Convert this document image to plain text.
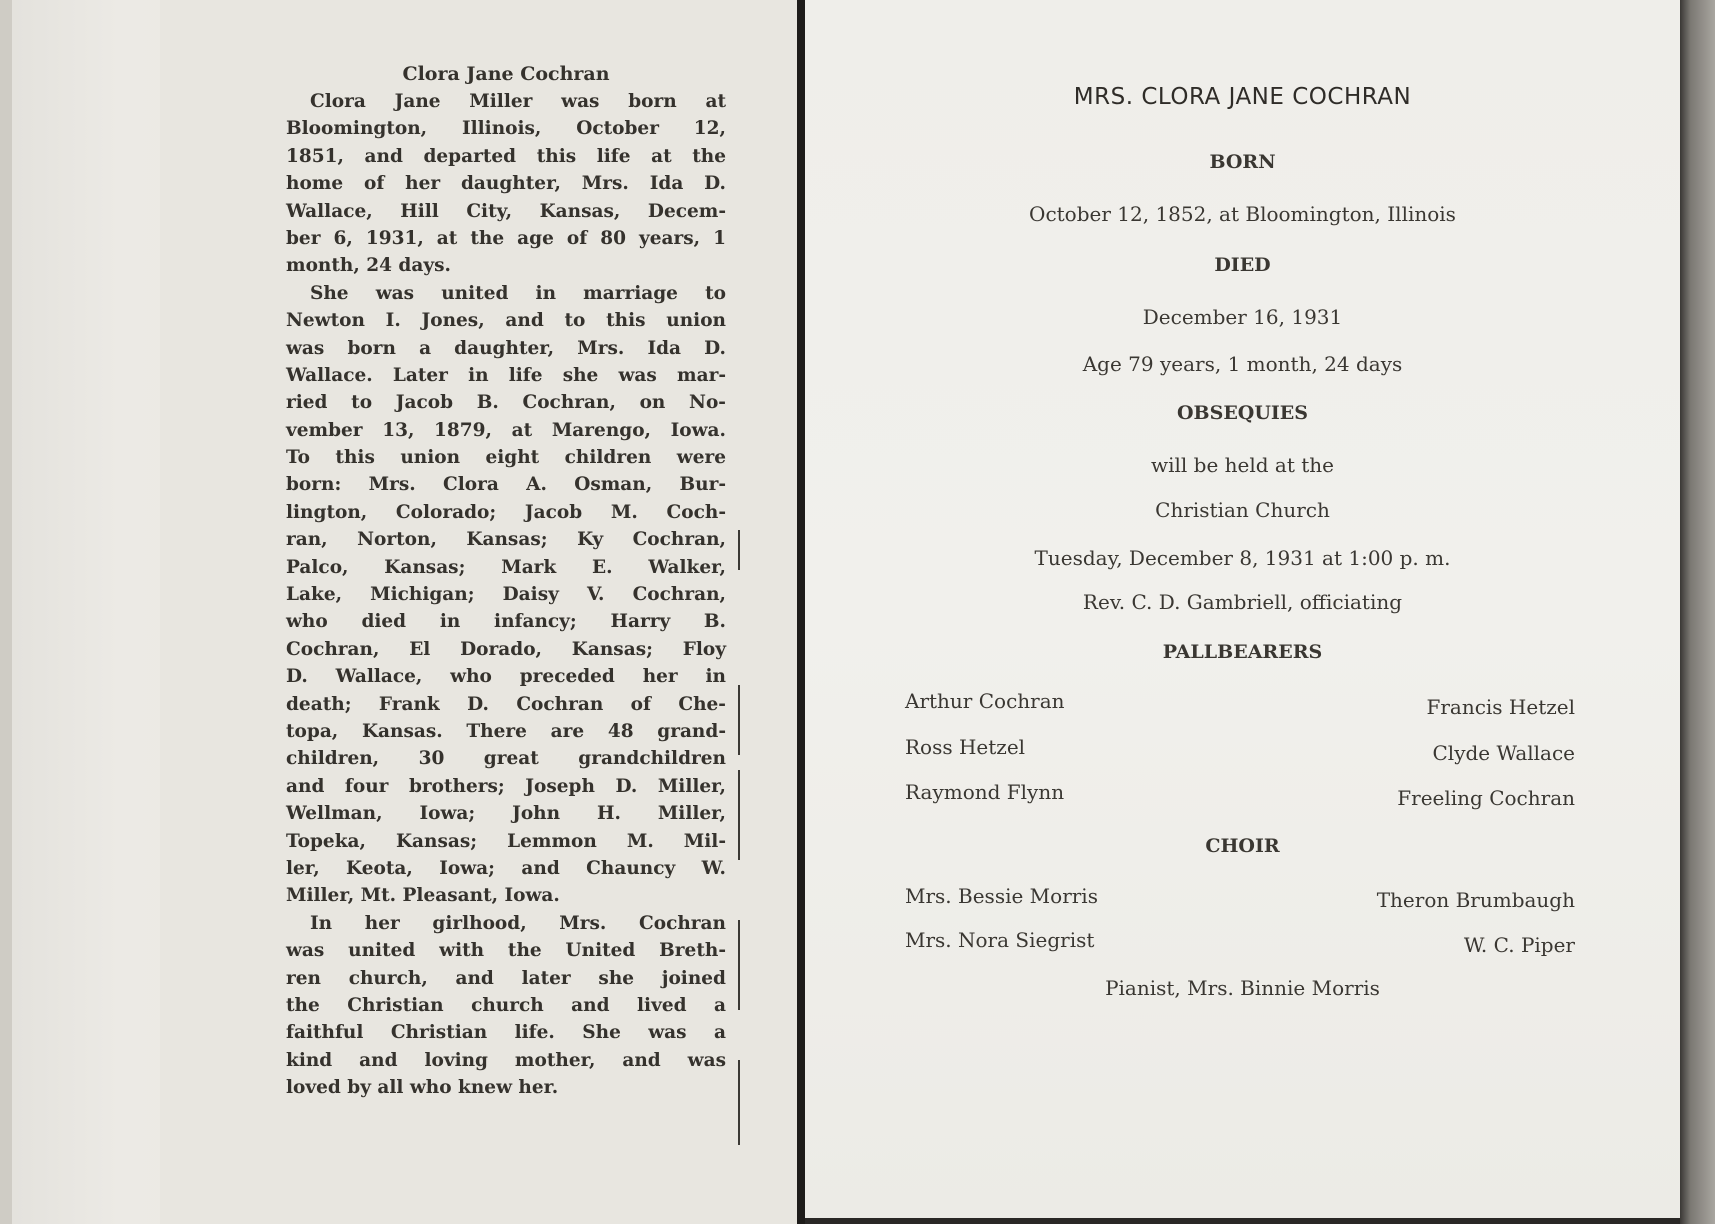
Clora Jane Cochran
Clora Jane Miller was born at
Bloomington, Illinois, October 12,
1851, and departed this life at the
home of her daughter, Mrs. Ida D.
Wallace, Hill City, Kansas, Decem-
ber 6, 1931, at the age of 80 years, 1
month, 24 days.
She was united in marriage to
Newton I. Jones, and to this union
was born a daughter, Mrs. Ida D.
Wallace. Later in life she was mar-
ried to Jacob B. Cochran, on No-
vember 13, 1879, at Marengo, Iowa.
To this union eight children were
born: Mrs. Clora A. Osman, Bur-
lington, Colorado; Jacob M. Coch-
ran, Norton, Kansas; Ky Cochran,
Palco, Kansas; Mark E. Walker,
Lake, Michigan; Daisy V. Cochran,
who died in infancy; Harry B.
Cochran, El Dorado, Kansas; Floy
D. Wallace, who preceded her in
death; Frank D. Cochran of Che-
topa, Kansas. There are 48 grand-
children, 30 great grandchildren
and four brothers; Joseph D. Miller,
Wellman, Iowa; John H. Miller,
Topeka, Kansas; Lemmon M. Mil-
ler, Keota, Iowa; and Chauncy W.
Miller, Mt. Pleasant, Iowa.
In her girlhood, Mrs. Cochran
was united with the United Breth-
ren church, and later she joined
the Christian church and lived a
faithful Christian life. She was a
kind and loving mother, and was
loved by all who knew her.
MRS. CLORA JANE COCHRAN
BORN
October 12, 1852, at Bloomington, Illinois
DIED
December 16, 1931
Age 79 years, 1 month, 24 days
OBSEQUIES
will be held at the
Christian Church
Tuesday, December 8, 1931 at 1:00 p. m.
Rev. C. D. Gambriell, officiating
PALLBEARERS
Arthur Cochran	Francis Hetzel
Ross Hetzel	Clyde Wallace
Raymond Flynn	Freeling Cochran
CHOIR
Mrs. Bessie Morris	Theron Brumbaugh
Mrs. Nora Siegrist	W. C. Piper
Pianist, Mrs. Binnie Morris
